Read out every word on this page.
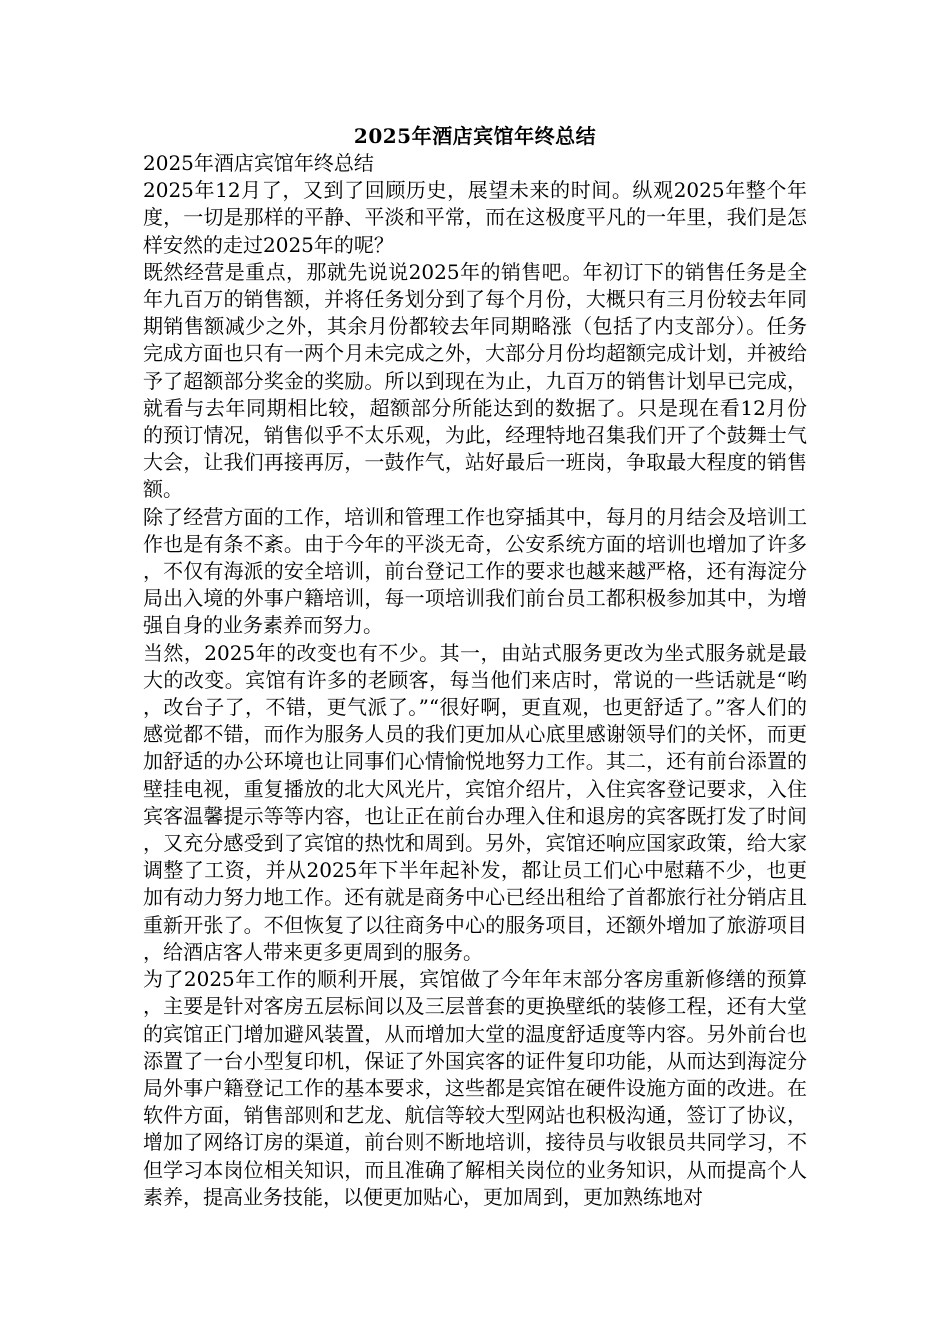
2025年酒店宾馆年终总结

2025年酒店宾馆年终总结

2025年12月了，又到了回顾历史，展望未来的时间。纵观2025年整个年度，一切是那样的平静、平淡和平常，而在这极度平凡的一年里，我们是怎样安然的走过2025年的呢？

既然经营是重点，那就先说说2025年的销售吧。年初订下的销售任务是全年九百万的销售额，并将任务划分到了每个月份，大概只有三月份较去年同期销售额减少之外，其余月份都较去年同期略涨（包括了内支部分）。任务完成方面也只有一两个月未完成之外，大部分月份均超额完成计划，并被给予了超额部分奖金的奖励。所以到现在为止，九百万的销售计划早已完成，就看与去年同期相比较，超额部分所能达到的数据了。只是现在看12月份的预订情况，销售似乎不太乐观，为此，经理特地召集我们开了个鼓舞士气大会，让我们再接再厉，一鼓作气，站好最后一班岗，争取最大程度的销售额。

除了经营方面的工作，培训和管理工作也穿插其中，每月的月结会及培训工作也是有条不紊。由于今年的平淡无奇，公安系统方面的培训也增加了许多，不仅有海派的安全培训，前台登记工作的要求也越来越严格，还有海淀分局出入境的外事户籍培训，每一项培训我们前台员工都积极参加其中，为增强自身的业务素养而努力。

当然，2025年的改变也有不少。其一，由站式服务更改为坐式服务就是最大的改变。宾馆有许多的老顾客，每当他们来店时，常说的一些话就是“哟，改台子了，不错，更气派了。”“很好啊，更直观，也更舒适了。”客人们的感觉都不错，而作为服务人员的我们更加从心底里感谢领导们的关怀，而更加舒适的办公环境也让同事们心情愉悦地努力工作。其二，还有前台添置的壁挂电视，重复播放的北大风光片，宾馆介绍片，入住宾客登记要求，入住宾客温馨提示等等内容，也让正在前台办理入住和退房的宾客既打发了时间，又充分感受到了宾馆的热忱和周到。另外，宾馆还响应国家政策，给大家调整了工资，并从2025年下半年起补发，都让员工们心中慰藉不少，也更加有动力努力地工作。还有就是商务中心已经出租给了首都旅行社分销店且重新开张了。不但恢复了以往商务中心的服务项目，还额外增加了旅游项目，给酒店客人带来更多更周到的服务。

为了2025年工作的顺利开展，宾馆做了今年年末部分客房重新修缮的预算，主要是针对客房五层标间以及三层普套的更换壁纸的装修工程，还有大堂的宾馆正门增加避风装置，从而增加大堂的温度舒适度等内容。另外前台也添置了一台小型复印机，保证了外国宾客的证件复印功能，从而达到海淀分局外事户籍登记工作的基本要求，这些都是宾馆在硬件设施方面的改进。在软件方面，销售部则和艺龙、航信等较大型网站也积极沟通，签订了协议，增加了网络订房的渠道，前台则不断地培训，接待员与收银员共同学习，不但学习本岗位相关知识，而且准确了解相关岗位的业务知识，从而提高个人素养，提高业务技能，以便更加贴心，更加周到，更加熟练地对
